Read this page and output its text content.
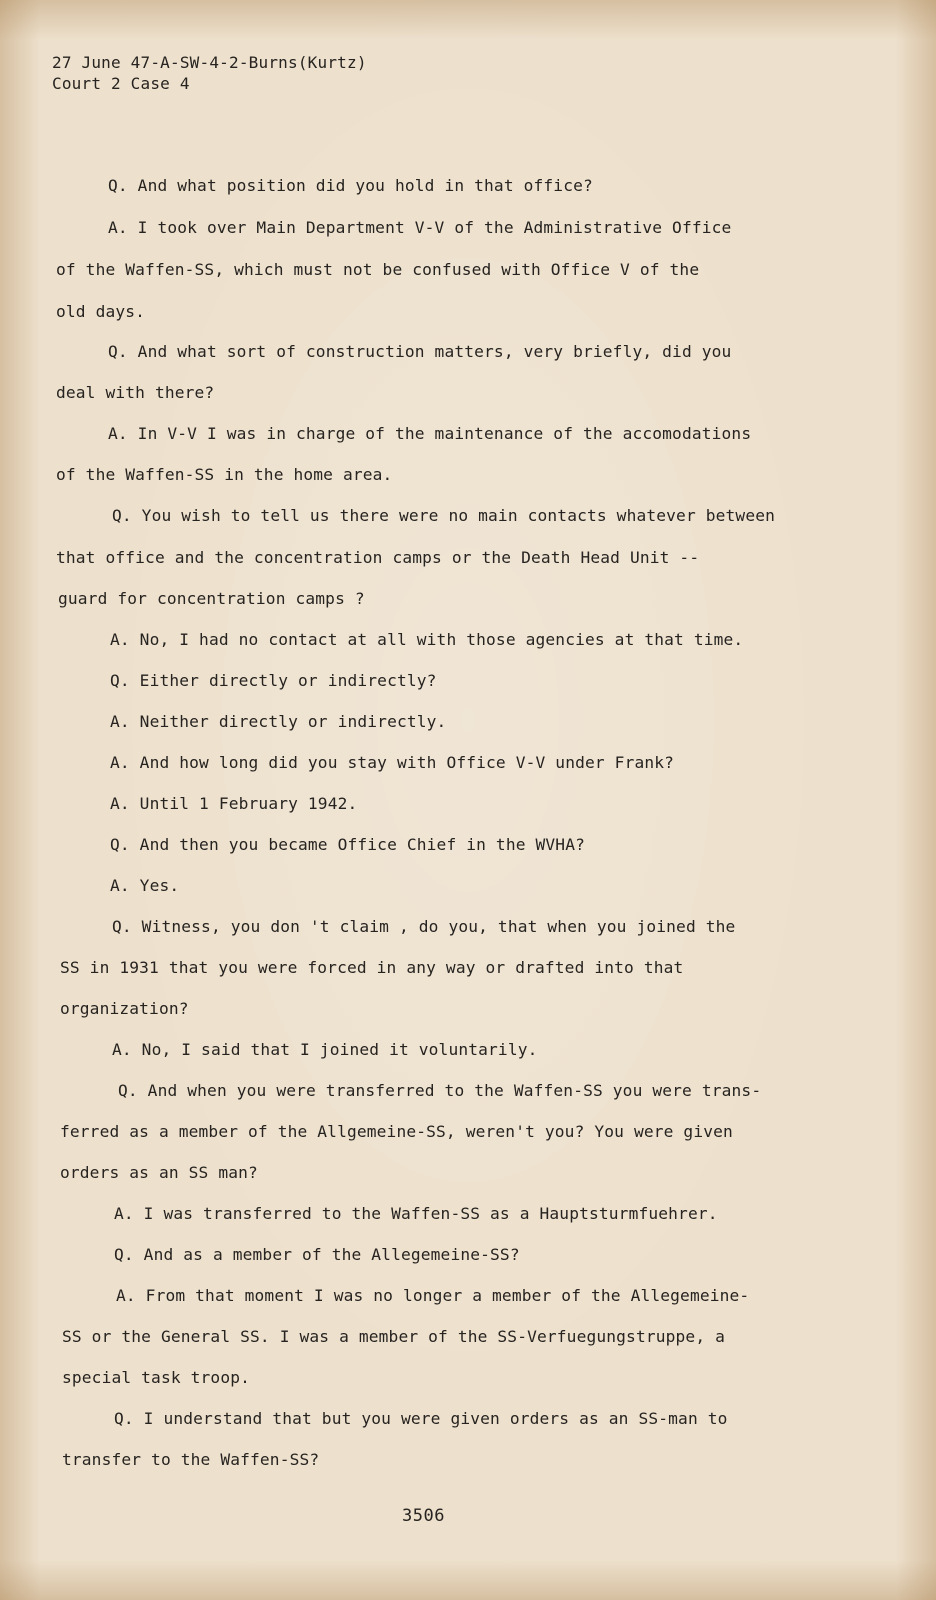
27 June 47-A-SW-4-2-Burns(Kurtz)
Court 2 Case 4
Q. And what position did you hold in that office?
A. I took over Main Department V-V of the Administrative Office
of the Waffen-SS, which must not be confused with Office V of the
old days.
Q. And what sort of construction matters, very briefly, did you
deal with there?
A. In V-V I was in charge of the maintenance of the accomodations
of the Waffen-SS in the home area.
Q. You wish to tell us there were no main contacts whatever between
that office and the concentration camps or the Death Head Unit --
guard for concentration camps ?
A. No, I had no contact at all with those agencies at that time.
Q. Either directly or indirectly?
A. Neither directly or indirectly.
A. And how long did you stay with Office V-V under Frank?
A. Until 1 February 1942.
Q. And then you became Office Chief in the WVHA?
A. Yes.
Q. Witness, you don 't claim , do you, that when you joined the
SS in 1931 that you were forced in any way or drafted into that
organization?
A. No, I said that I joined it voluntarily.
Q. And when you were transferred to the Waffen-SS you were trans-
ferred as a member of the Allgemeine-SS, weren't you? You were given
orders as an SS man?
A. I was transferred to the Waffen-SS as a Hauptsturmfuehrer.
Q. And as a member of the Allegemeine-SS?
A. From that moment I was no longer a member of the Allegemeine-
SS or the General SS. I was a member of the SS-Verfuegungstruppe, a
special task troop.
Q. I understand that but you were given orders as an SS-man to
transfer to the Waffen-SS?
3506
